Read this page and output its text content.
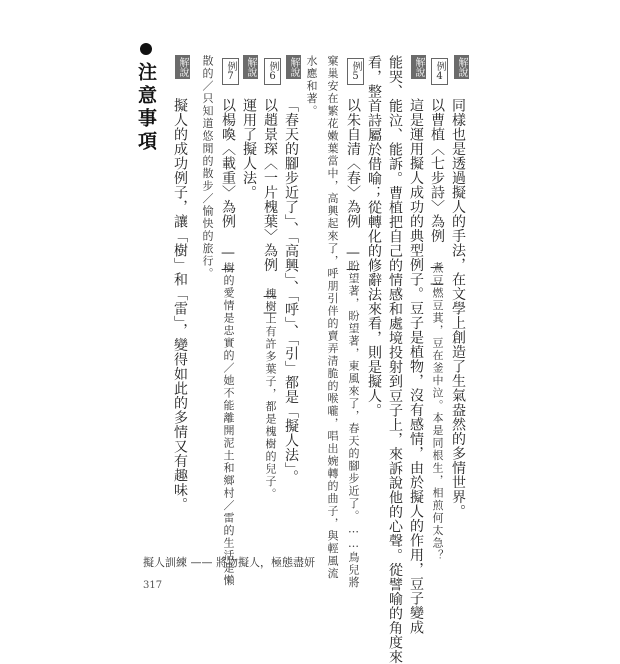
解說
同樣也是透過擬人的手法，在文學上創造了生氣盎然的多情世界。
例4
以曹植〈七步詩〉為例 ——
煮豆燃豆萁，豆在釜中泣。本是同根生，相煎何太急？
解說
這是運用擬人成功的典型例子。豆子是植物，沒有感情，由於擬人的作用，豆子變成
能哭、能泣、能訴。曹植把自己的情感和處境投射到豆子上，來訴說他的心聲。從譬喻的角度來
看，整首詩屬於借喻；從轉化的修辭法來看，則是擬人。
例5
以朱自清〈春〉為例 ——
盼望著，盼望著，東風來了，春天的腳步近了。……鳥兒將
窠巢安在繁花嫩葉當中，高興起來了，呼朋引伴的賣弄清脆的喉嚨，唱出婉轉的曲子，與輕風流
水應和著。
解說
「春天的腳步近了」、「高興」、「呼」、「引」都是「擬人法」。
例6
以趙景琛〈一片槐葉〉為例 ——
槐樹上有許多葉子，都是槐樹的兒子。
解說
運用了擬人法。
例7
以楊喚〈載重〉為例 ——
樹的愛情是忠實的／她不能離開泥土和鄉村／雷的生活是懶
散的／只知道悠閒的散步／愉快的旅行。
解說
擬人的成功例子，讓「樹」和「雷」，變得如此的多情又有趣味。
注意事項
擬人訓練 —— 將物擬人，極態盡妍
317
